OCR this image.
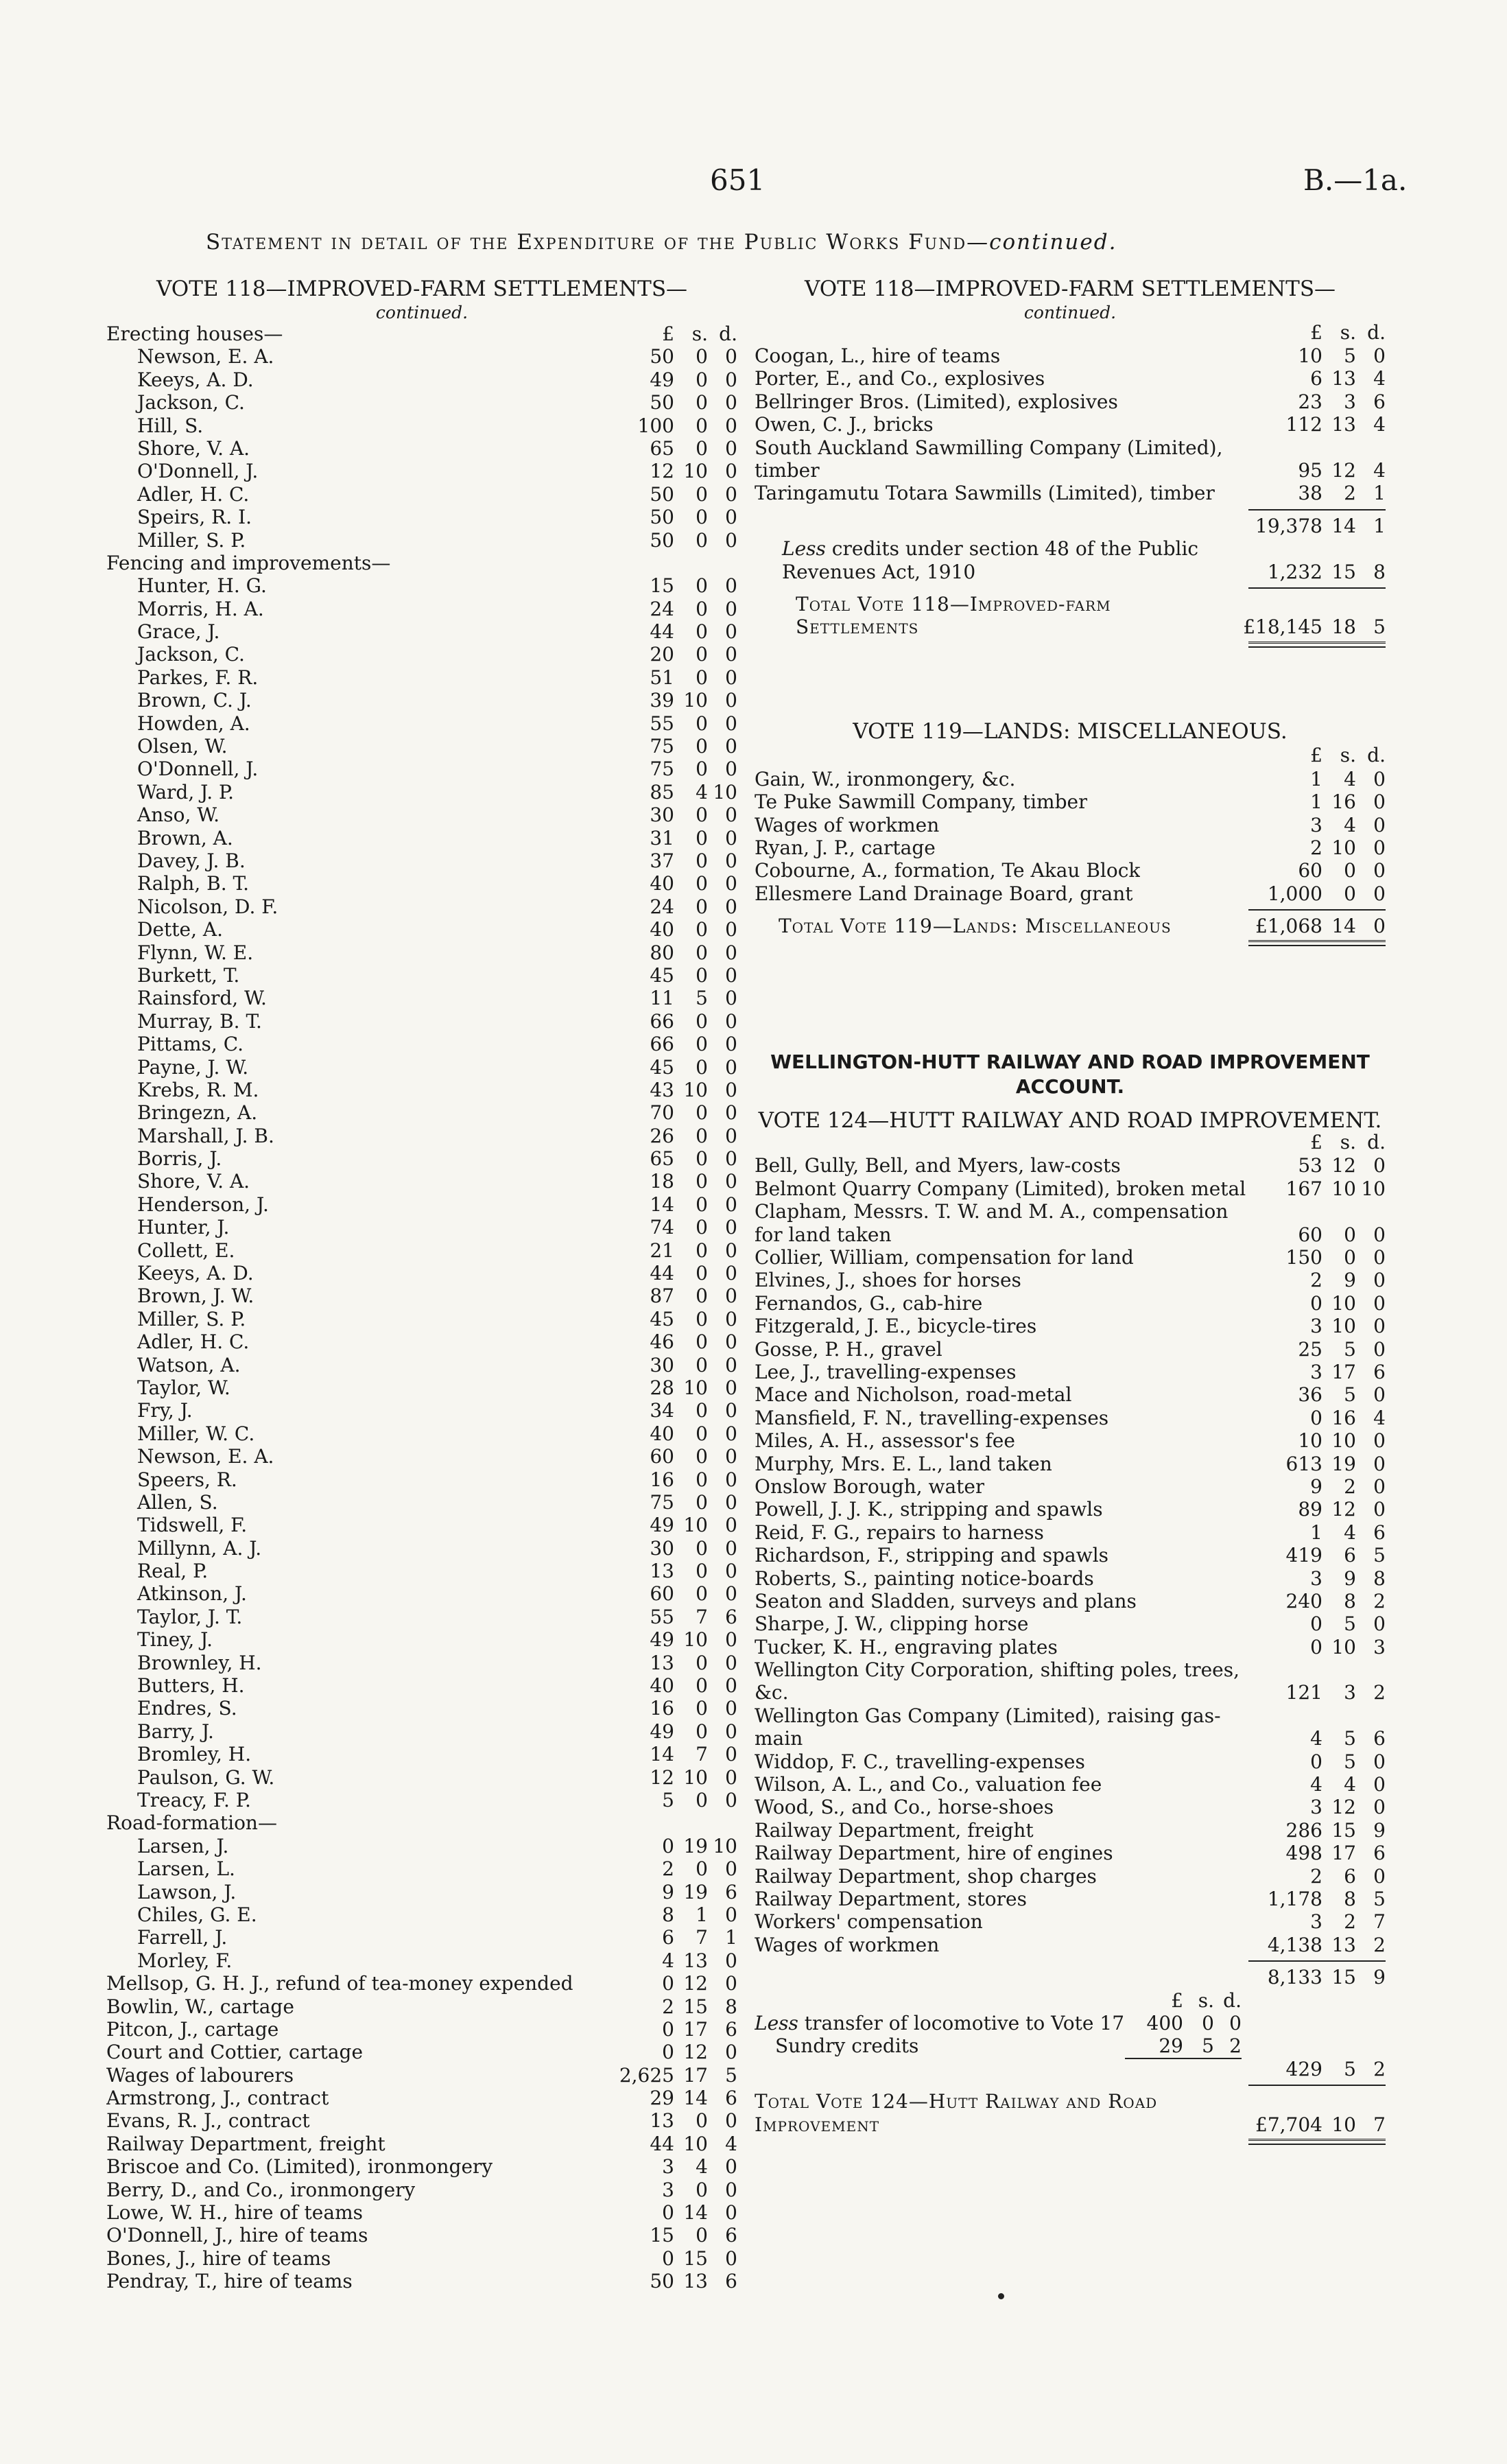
651	B.—1a.
Statement in detail of the Expenditure of the Public Works Fund—continued.
VOTE 118—IMPROVED-FARM SETTLEMENTS—
continued.
Erecting houses—	£ s. d.
Newson, E. A.	50	0 0
Keeys, A. D.	49	0 0
Jackson, C.	50	0 0
Hill, S.	100	0 0
Shore, V. A.	65	0 0
O'Donnell, J.	12 10 0
Adler, H. C.	50	0 0
Speirs, R. I.	50	0 0
Miller, S. P.	50	0 0
Fencing and improvements—
Hunter, H. G.	15	0 0
Morris, H. A.	24	0 0
Grace, J.	44	0 0
Jackson, C.	20	0 0
Parkes, F. R.	51	0 0
Brown, C. J.	39 10 0
Howden, A.	55	0 0
Olsen, W.	75	0 0
O'Donnell, J.	75	0 0
Ward, J. P.	85	4 10
Anso, W.	30	0 0
Brown, A.	31	0 0
Davey, J. B.	37	0 0
Ralph, B. T.	40	0 0
Nicolson, D. F.	24	0 0
Dette, A.	40	0 0
Flynn, W. E.	80	0 0
Burkett, T.	45	0 0
Rainsford, W.	11	5 0
Murray, B. T.	66	0 0
Pittams, C.	66	0 0
Payne, J. W.	45	0 0
Krebs, R. M.	43 10 0
Bringezn, A.	70	0 0
Marshall, J. B.	26	0 0
Borris, J.	65	0 0
Shore, V. A.	18	0 0
Henderson, J.	14	0 0
Hunter, J.	74	0 0
Collett, E.	21	0 0
Keeys, A. D.	44	0 0
Brown, J. W.	87	0 0
Miller, S. P.	45	0 0
Adler, H. C.	46	0 0
Watson, A.	30	0 0
Taylor, W.	28 10 0
Fry, J.	34	0 0
Miller, W. C.	40	0 0
Newson, E. A.	60	0 0
Speers, R.	16	0 0
Allen, S.	75	0 0
Tidswell, F.	49 10 0
Millynn, A. J.	30	0 0
Real, P.	13	0 0
Atkinson, J.	60	0 0
Taylor, J. T.	55	7 6
Tiney, J.	49 10 0
Brownley, H.	13	0 0
Butters, H.	40	0 0
Endres, S.	16	0 0
Barry, J.	49	0 0
Bromley, H.	14	7 0
Paulson, G. W.	12 10 0
Treacy, F. P.	5	0 0
Road-formation—
Larsen, J.	0 19 10
Larsen, L.	2	0 0
Lawson, J.	9 19 6
Chiles, G. E.	8	1 0
Farrell, J.	6	7 1
Morley, F.	4 13 0
Mellsop, G. H. J., refund of tea-money expended	0 12 0
Bowlin, W., cartage	2 15 8
Pitcon, J., cartage	0 17 6
Court and Cottier, cartage	0 12 0
Wages of labourers	2,625 17 5
Armstrong, J., contract	29 14 6
Evans, R. J., contract	13	0 0
Railway Department, freight	44 10 4
Briscoe and Co. (Limited), ironmongery	3	4 0
Berry, D., and Co., ironmongery	3	0 0
Lowe, W. H., hire of teams	0 14 0
O'Donnell, J., hire of teams	15	0 6
Bones, J., hire of teams	0 15 0
Pendray, T., hire of teams	50 13 6
VOTE 118—IMPROVED-FARM SETTLEMENTS—
continued.
£ s. d.
Coogan, L., hire of teams	10	5 0
Porter, E., and Co., explosives	6 13 4
Bellringer Bros. (Limited), explosives	23	3 6
Owen, C. J., bricks	112 13 4
South Auckland Sawmilling Company (Limited), timber	95 12 4
Taringamutu Totara Sawmills (Limited), timber	38	2 1
19,378 14 1
Less credits under section 48 of the Public Revenues Act, 1910	1,232 15 8
Total Vote 118—Improved-farm Settlements	£18,145 18 5
VOTE 119—LANDS: MISCELLANEOUS.
£ s. d.
Gain, W., ironmongery, &c.	1	4 0
Te Puke Sawmill Company, timber	1 16 0
Wages of workmen	3	4 0
Ryan, J. P., cartage	2 10 0
Cobourne, A., formation, Te Akau Block	60	0 0
Ellesmere Land Drainage Board, grant	1,000	0 0
Total Vote 119—Lands: Miscellaneous	£1,068 14 0
WELLINGTON-HUTT RAILWAY AND ROAD IMPROVEMENT ACCOUNT.
VOTE 124—HUTT RAILWAY AND ROAD IMPROVEMENT.
£ s. d.
Bell, Gully, Bell, and Myers, law-costs	53 12 0
Belmont Quarry Company (Limited), broken metal	167 10 10
Clapham, Messrs. T. W. and M. A., compensation for land taken	60	0 0
Collier, William, compensation for land	150	0 0
Elvines, J., shoes for horses	2	9 0
Fernandos, G., cab-hire	0 10 0
Fitzgerald, J. E., bicycle-tires	3 10 0
Gosse, P. H., gravel	25	5 0
Lee, J., travelling-expenses	3 17 6
Mace and Nicholson, road-metal	36	5 0
Mansfield, F. N., travelling-expenses	0 16 4
Miles, A. H., assessor's fee	10 10 0
Murphy, Mrs. E. L., land taken	613 19 0
Onslow Borough, water	9	2 0
Powell, J. J. K., stripping and spawls	89 12 0
Reid, F. G., repairs to harness	1	4 6
Richardson, F., stripping and spawls	419	6 5
Roberts, S., painting notice-boards	3	9 8
Seaton and Sladden, surveys and plans	240	8 2
Sharpe, J. W., clipping horse	0	5 0
Tucker, K. H., engraving plates	0 10 3
Wellington City Corporation, shifting poles, trees, &c.	121	3 2
Wellington Gas Company (Limited), raising gas-main	4	5 6
Widdop, F. C., travelling-expenses	0	5 0
Wilson, A. L., and Co., valuation fee	4	4 0
Wood, S., and Co., horse-shoes	3 12 0
Railway Department, freight	286 15 9
Railway Department, hire of engines	498 17 6
Railway Department, shop charges	2	6 0
Railway Department, stores	1,178	8 5
Workers' compensation	3	2 7
Wages of workmen	4,138 13 2
8,133 15 9
£ s. d.
Less transfer of locomotive to Vote 17	400 0 0
Sundry credits	29 5 2
429	5 2
Total Vote 124—Hutt Railway and Road Improvement	£7,704 10 7
